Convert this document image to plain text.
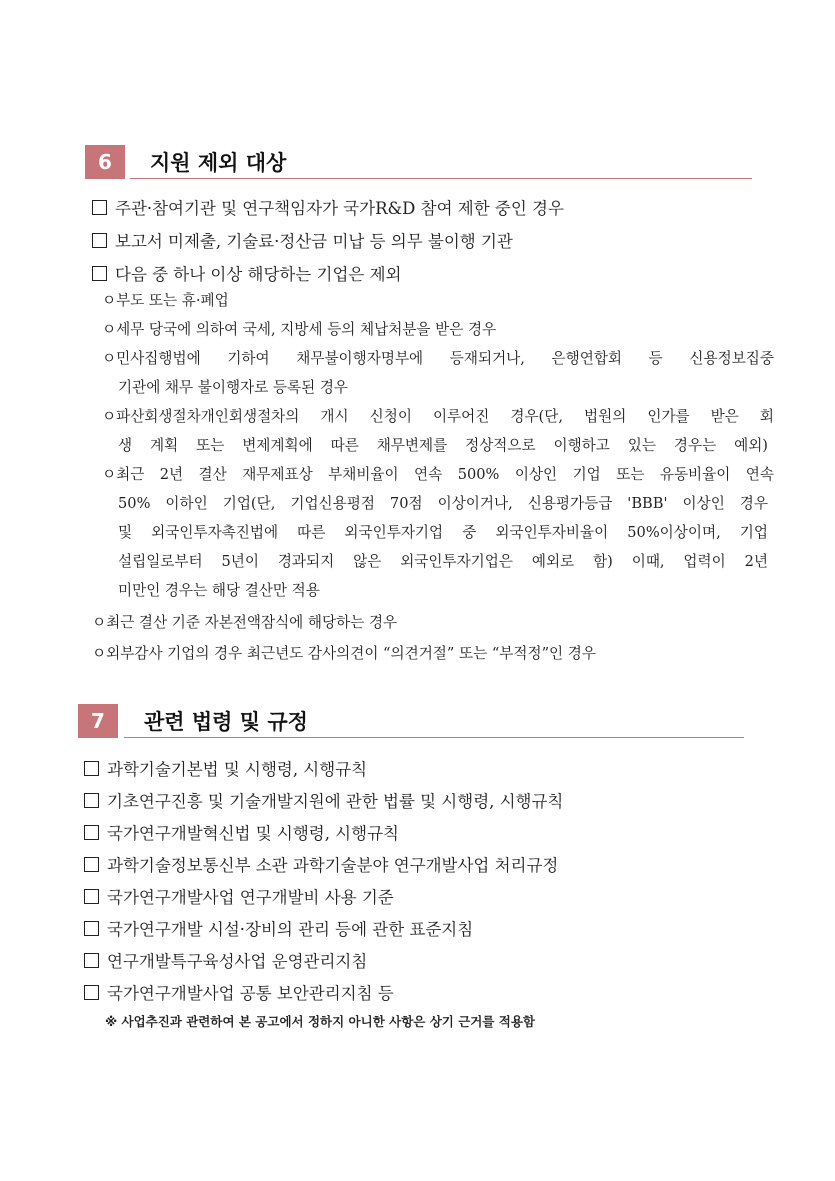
6	지원 제외 대상
주관·참여기관 및 연구책임자가 국가R&D 참여 제한 중인 경우
보고서 미제출, 기술료·정산금 미납 등 의무 불이행 기관
다음 중 하나 이상 해당하는 기업은 제외
ㅇ부도 또는 휴·폐업
ㅇ세무 당국에 의하여 국세, 지방세 등의 체납처분을 받은 경우
ㅇ민사집행법에 기하여 채무불이행자명부에 등재되거나, 은행연합회 등 신용정보집중
기관에 채무 불이행자로 등록된 경우
ㅇ파산회생절차개인회생절차의 개시 신청이 이루어진 경우(단, 법원의 인가를 받은 회
생 계획 또는 변제계획에 따른 채무변제를 정상적으로 이행하고 있는 경우는 예외)
ㅇ최근 2년 결산 재무제표상 부채비율이 연속 500% 이상인 기업 또는 유동비율이 연속
50% 이하인 기업(단, 기업신용평점 70점 이상이거나, 신용평가등급 'BBB' 이상인 경우
및 외국인투자촉진법에 따른 외국인투자기업 중 외국인투자비율이 50%이상이며, 기업
설립일로부터 5년이 경과되지 않은 외국인투자기업은 예외로 함) 이때, 업력이 2년
미만인 경우는 해당 결산만 적용
ㅇ최근 결산 기준 자본전액잠식에 해당하는 경우
ㅇ외부감사 기업의 경우 최근년도 감사의견이 “의견거절” 또는 “부적정”인 경우
7	관련 법령 및 규정
과학기술기본법 및 시행령, 시행규칙
기초연구진흥 및 기술개발지원에 관한 법률 및 시행령, 시행규칙
국가연구개발혁신법 및 시행령, 시행규칙
과학기술정보통신부 소관 과학기술분야 연구개발사업 처리규정
국가연구개발사업 연구개발비 사용 기준
국가연구개발 시설·장비의 관리 등에 관한 표준지침
연구개발특구육성사업 운영관리지침
국가연구개발사업 공통 보안관리지침 등
※ 사업추진과 관련하여 본 공고에서 정하지 아니한 사항은 상기 근거를 적용함
